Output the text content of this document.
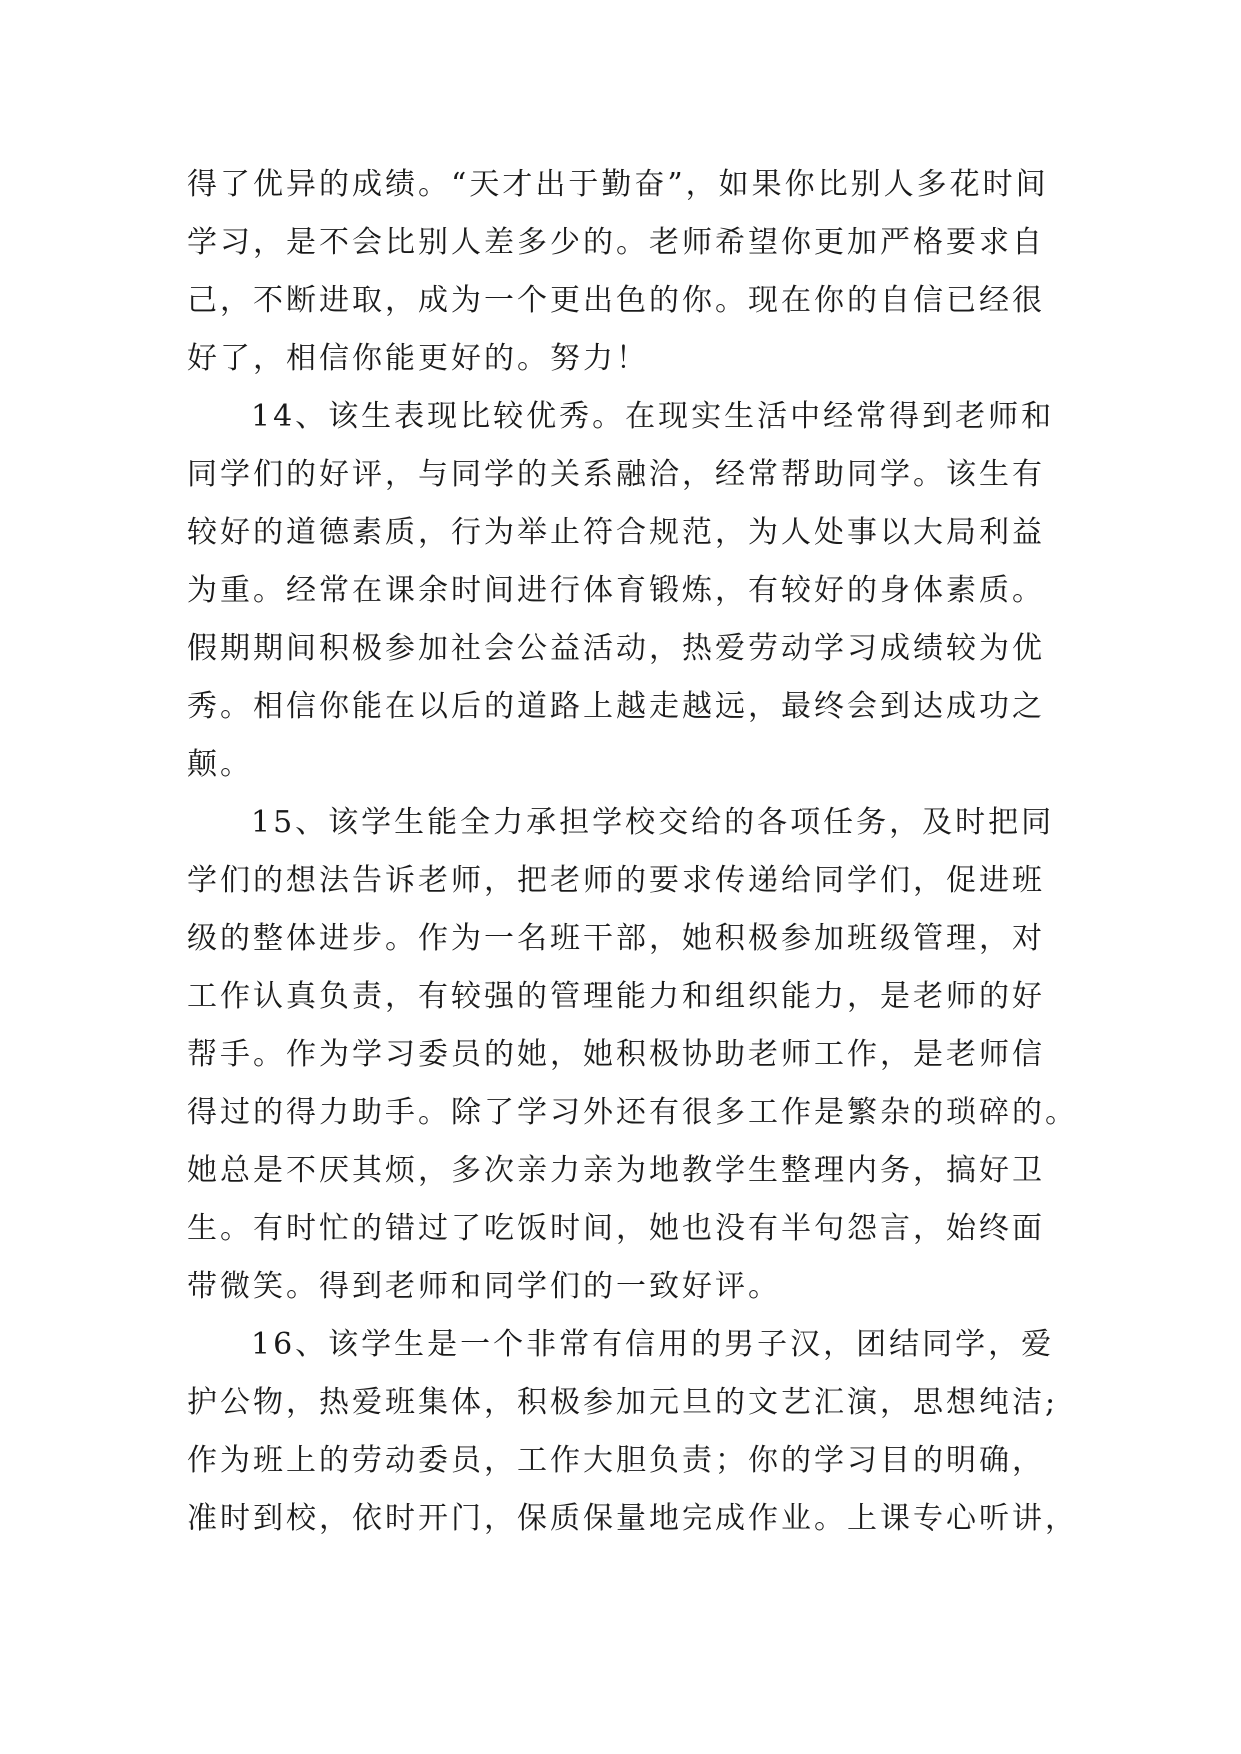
得了优异的成绩。“天才出于勤奋”，如果你比别人多花时间

学习，是不会比别人差多少的。老师希望你更加严格要求自

己，不断进取，成为一个更出色的你。现在你的自信已经很

好了，相信你能更好的。努力！

14、该生表现比较优秀。在现实生活中经常得到老师和

同学们的好评，与同学的关系融洽，经常帮助同学。该生有

较好的道德素质，行为举止符合规范，为人处事以大局利益

为重。经常在课余时间进行体育锻炼，有较好的身体素质。

假期期间积极参加社会公益活动，热爱劳动学习成绩较为优

秀。相信你能在以后的道路上越走越远，最终会到达成功之

颠。

15、该学生能全力承担学校交给的各项任务，及时把同

学们的想法告诉老师，把老师的要求传递给同学们，促进班

级的整体进步。作为一名班干部，她积极参加班级管理，对

工作认真负责，有较强的管理能力和组织能力，是老师的好

帮手。作为学习委员的她，她积极协助老师工作，是老师信

得过的得力助手。除了学习外还有很多工作是繁杂的琐碎的。

她总是不厌其烦，多次亲力亲为地教学生整理内务，搞好卫

生。有时忙的错过了吃饭时间，她也没有半句怨言，始终面

带微笑。得到老师和同学们的一致好评。

16、该学生是一个非常有信用的男子汉，团结同学，爱

护公物，热爱班集体，积极参加元旦的文艺汇演，思想纯洁;

作为班上的劳动委员，工作大胆负责；你的学习目的明确，

准时到校，依时开门，保质保量地完成作业。上课专心听讲，
